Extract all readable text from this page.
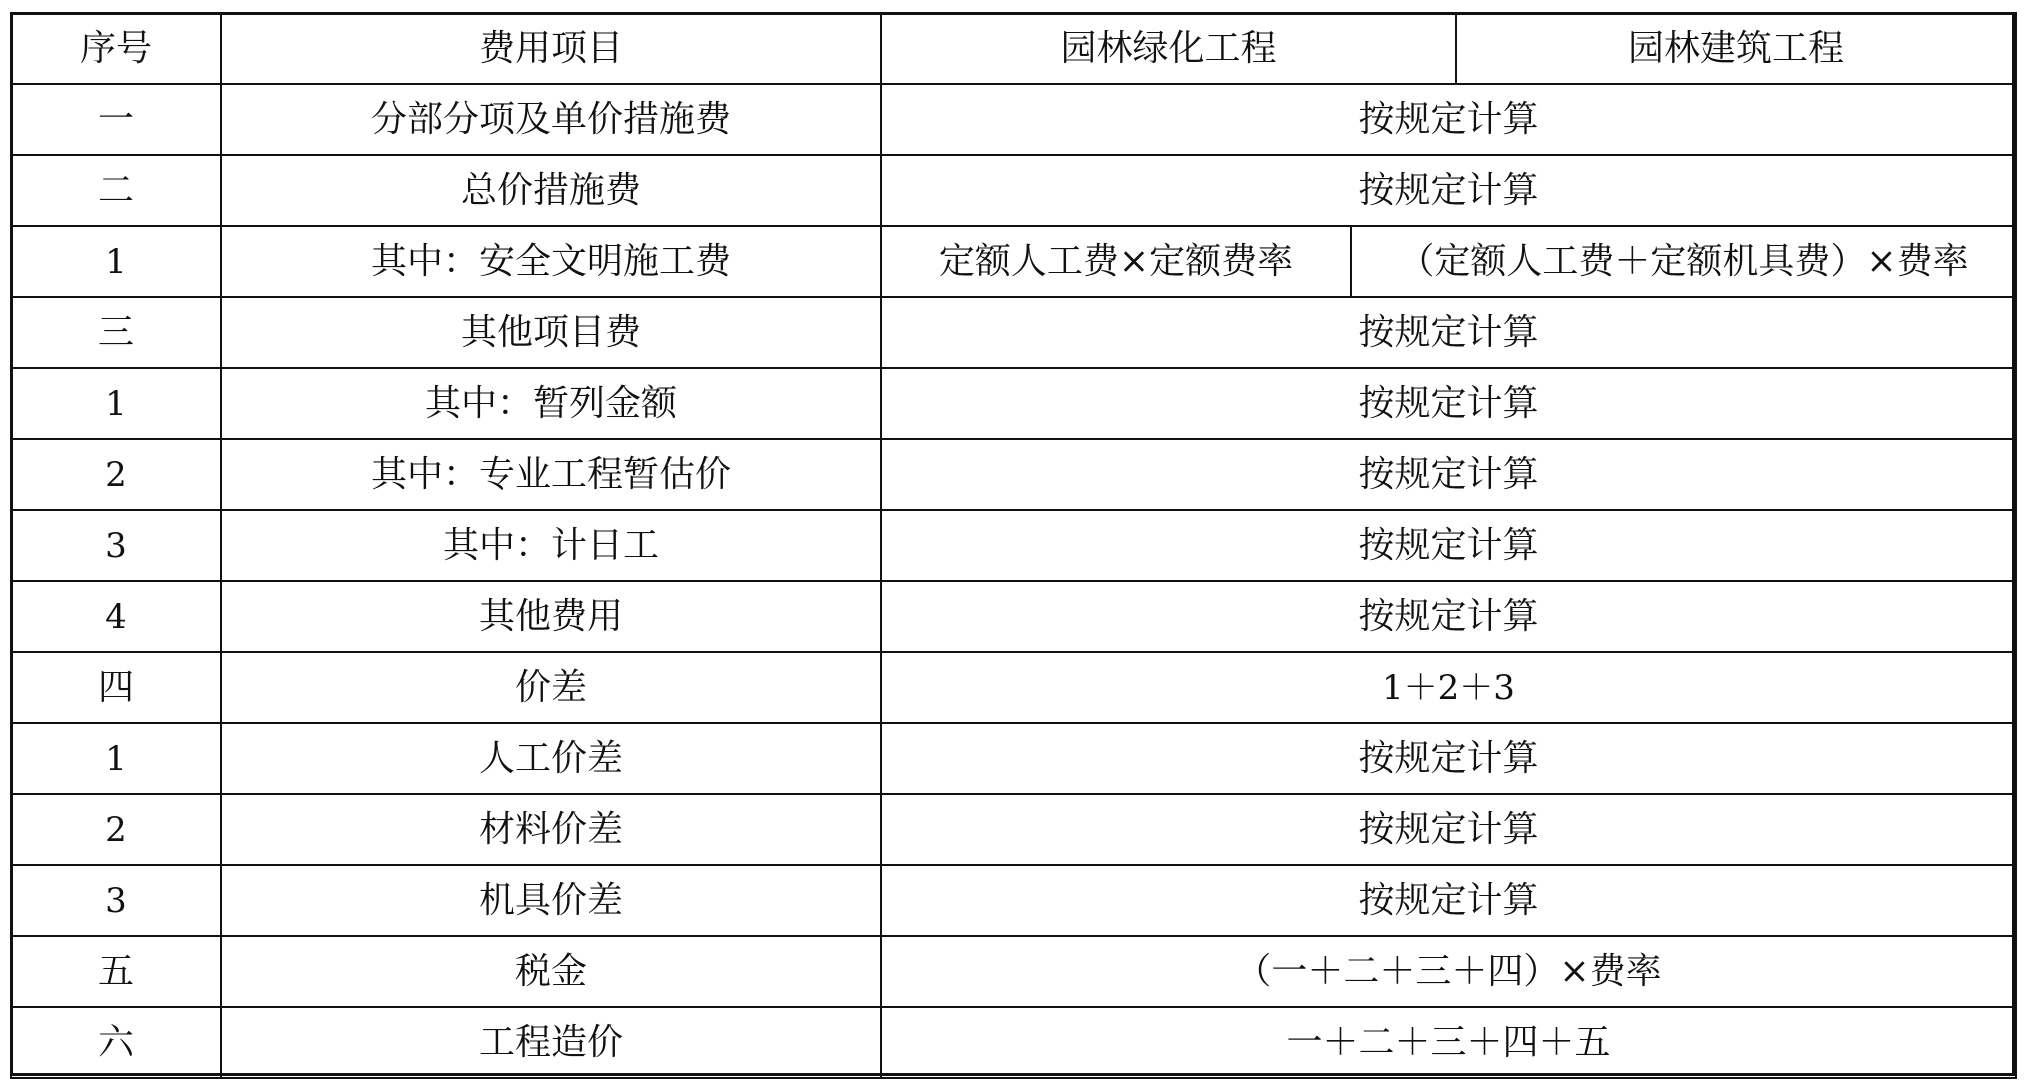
序号	费用项目	园林绿化工程		园林建筑工程
一	分部分项及单价措施费	按规定计算		
二	总价措施费	按规定计算		
1	其中：安全文明施工费	定额人工费×定额费率	（定额人工费＋定额机具费）×费率	
三	其他项目费	按规定计算		
1	其中：暂列金额	按规定计算		
2	其中：专业工程暂估价	按规定计算		
3	其中：计日工	按规定计算		
4	其他费用	按规定计算		
四	价差	1＋2＋3		
1	人工价差	按规定计算		
2	材料价差	按规定计算		
3	机具价差	按规定计算		
五	税金	（一＋二＋三＋四）×费率		
六	工程造价	一＋二＋三＋四＋五		
